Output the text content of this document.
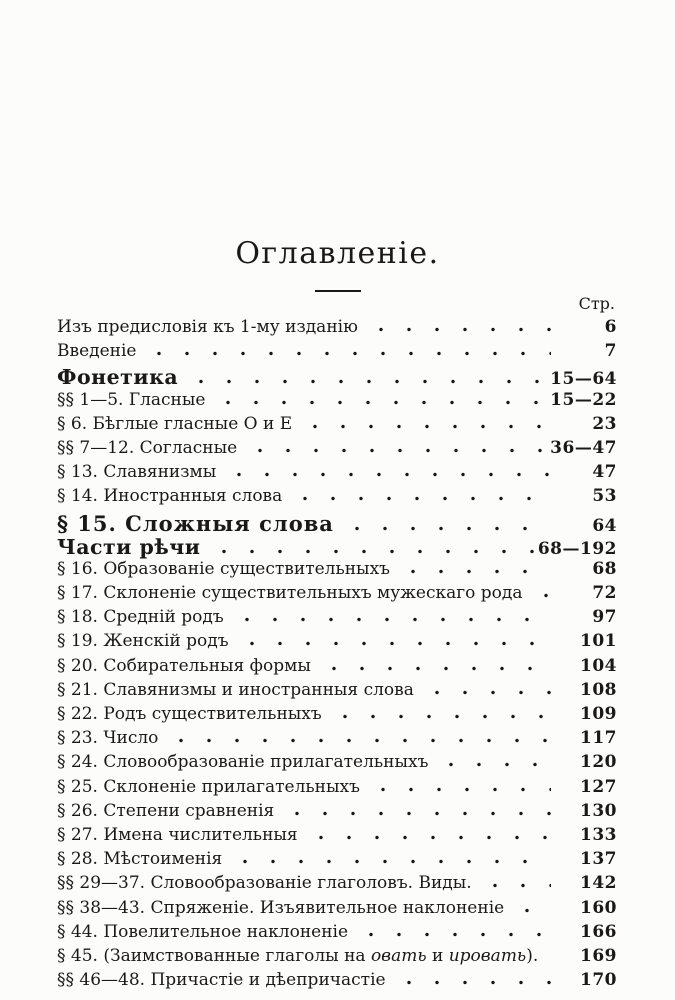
Оглавленіе.
Стр.
Изъ предисловія къ 1-му изданію	6
Введеніе	7
Фонетика	15—64
§§ 1—5. Гласные	15—22
§ 6. Бѣглые гласные О и Е	23
§§ 7—12. Согласные	36—47
§ 13. Славянизмы	47
§ 14. Иностранныя слова	53
§ 15. Сложныя слова	64
Части рѣчи	68—192
§ 16. Образованіе существительныхъ	68
§ 17. Склоненіе существительныхъ мужескаго рода	72
§ 18. Средній родъ	97
§ 19. Женскій родъ	101
§ 20. Собирательныя формы	104
§ 21. Славянизмы и иностранныя слова	108
§ 22. Родъ существительныхъ	109
§ 23. Число	117
§ 24. Словообразованіе прилагательныхъ	120
§ 25. Склоненіе прилагательныхъ	127
§ 26. Степени сравненія	130
§ 27. Имена числительныя	133
§ 28. Мѣстоименія	137
§§ 29—37. Словообразованіе глаголовъ. Виды.	142
§§ 38—43. Спряженіе. Изъявительное наклоненіе	160
§ 44. Повелительное наклоненіе	166
§ 45. (Заимствованные глаголы на овать и ировать).	169
§§ 46—48. Причастіе и дѣепричастіе	170
